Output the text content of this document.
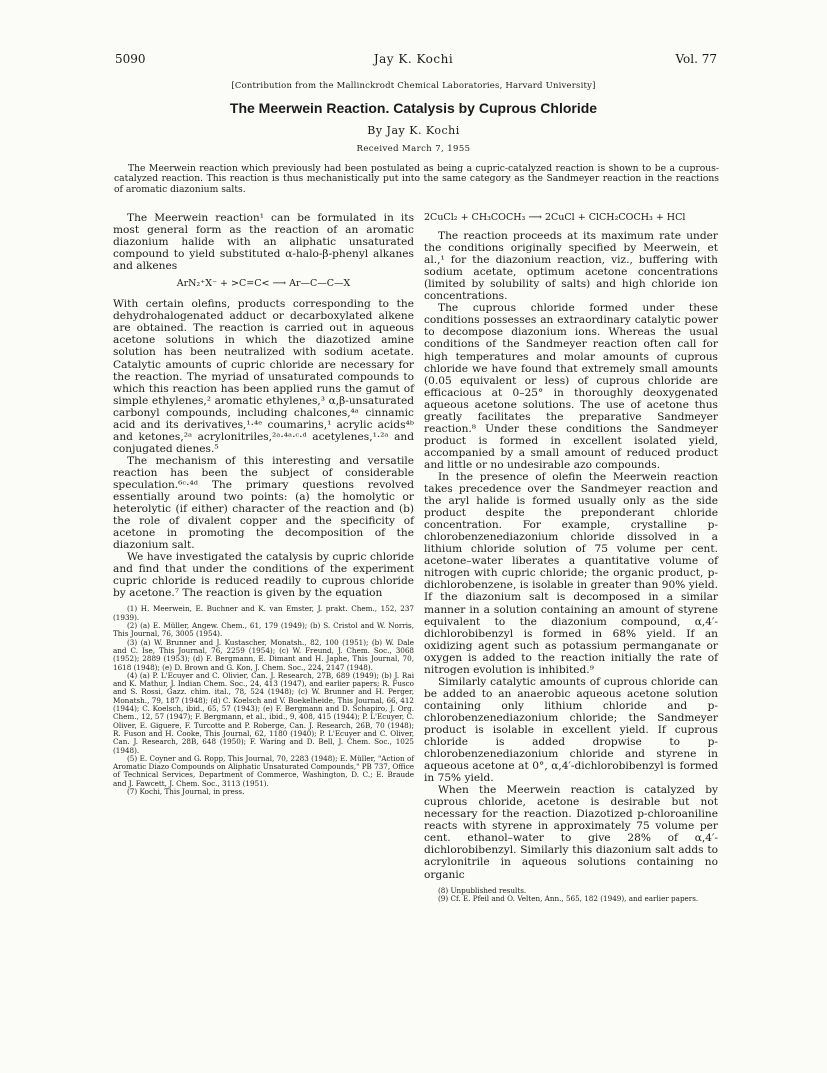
5090	Jay K. Kochi	Vol. 77
[Contribution from the Mallinckrodt Chemical Laboratories, Harvard University]
The Meerwein Reaction. Catalysis by Cuprous Chloride
By Jay K. Kochi
Received March 7, 1955
The Meerwein reaction which previously had been postulated as being a cupric-catalyzed reaction is shown to be a cuprous-catalyzed reaction. This reaction is thus mechanistically put into the same category as the Sandmeyer reaction in the reactions of aromatic diazonium salts.

The Meerwein reaction¹ can be formulated in its most general form as the reaction of an aromatic diazonium halide with an aliphatic unsaturated compound to yield substituted α-halo-β-phenyl alkanes and alkenes

ArN₂⁺X⁻ + >C=C< ⟶ Ar—C—C—X

With certain olefins, products corresponding to the dehydrohalogenated adduct or decarboxylated alkene are obtained. The reaction is carried out in aqueous acetone solutions in which the diazotized amine solution has been neutralized with sodium acetate. Catalytic amounts of cupric chloride are necessary for the reaction. The myriad of unsaturated compounds to which this reaction has been applied runs the gamut of simple ethylenes,² aromatic ethylenes,³ α,β-unsaturated carbonyl compounds, including chalcones,⁴ᵃ cinnamic acid and its derivatives,¹·⁴ᵉ coumarins,¹ acrylic acids⁴ᵇ and ketones,²ᵃ acrylonitriles,²ᵃ·⁴ᵃ·ᶜ·ᵈ acetylenes,¹·²ᵃ and conjugated dienes.⁵

The mechanism of this interesting and versatile reaction has been the subject of considerable speculation.⁶ᶜ·⁴ᵈ The primary questions revolved essentially around two points: (a) the homolytic or heterolytic (if either) character of the reaction and (b) the role of divalent copper and the specificity of acetone in promoting the decomposition of the diazonium salt.

We have investigated the catalysis by cupric chloride and find that under the conditions of the experiment cupric chloride is reduced readily to cuprous chloride by acetone.⁷ The reaction is given by the equation

(1) H. Meerwein, E. Buchner and K. van Emster, J. prakt. Chem., 152, 237 (1939).

(2) (a) E. Müller, Angew. Chem., 61, 179 (1949); (b) S. Cristol and W. Norris, This Journal, 76, 3005 (1954).

(3) (a) W. Brunner and J. Kustascher, Monatsh., 82, 100 (1951); (b) W. Dale and C. Ise, This Journal, 76, 2259 (1954); (c) W. Freund, J. Chem. Soc., 3068 (1952); 2889 (1953); (d) F. Bergmann, E. Dimant and H. Japhe, This Journal, 70, 1618 (1948); (e) D. Brown and G. Kon, J. Chem. Soc., 224, 2147 (1948).

(4) (a) P. L'Ecuyer and C. Olivier, Can. J. Research, 27B, 689 (1949); (b) J. Rai and K. Mathur, J. Indian Chem. Soc., 24, 413 (1947), and earlier papers; R. Fusco and S. Rossi, Gazz. chim. ital., 78, 524 (1948); (c) W. Brunner and H. Perger, Monatsh., 79, 187 (1948); (d) C. Koelsch and V. Boekelheide, This Journal, 66, 412 (1944); C. Koelsch, ibid., 65, 57 (1943); (e) F. Bergmann and D. Schapiro, J. Org. Chem., 12, 57 (1947); F. Bergmann, et al., ibid., 9, 408, 415 (1944); P. L'Ecuyer, C. Oliver, E. Giguere, F. Turcotte and P. Roberge, Can. J. Research, 26B, 70 (1948); R. Fuson and H. Cooke, This Journal, 62, 1180 (1940); P. L'Ecuyer and C. Oliver, Can. J. Research, 28B, 648 (1950); F. Waring and D. Bell, J. Chem. Soc., 1025 (1948).

(5) E. Coyner and G. Ropp, This Journal, 70, 2283 (1948); E. Müller, "Action of Aromatic Diazo Compounds on Aliphatic Unsaturated Compounds," PB 737, Office of Technical Services, Department of Commerce, Washington, D. C.; E. Braude and J. Fawcett, J. Chem. Soc., 3113 (1951).

(7) Kochi, This Journal, in press.

2CuCl₂ + CH₃COCH₃ ⟶ 2CuCl + ClCH₂COCH₃ + HCl

The reaction proceeds at its maximum rate under the conditions originally specified by Meerwein, et al.,¹ for the diazonium reaction, viz., buffering with sodium acetate, optimum acetone concentrations (limited by solubility of salts) and high chloride ion concentrations.

The cuprous chloride formed under these conditions possesses an extraordinary catalytic power to decompose diazonium ions. Whereas the usual conditions of the Sandmeyer reaction often call for high temperatures and molar amounts of cuprous chloride we have found that extremely small amounts (0.05 equivalent or less) of cuprous chloride are efficacious at 0–25° in thoroughly deoxygenated aqueous acetone solutions. The use of acetone thus greatly facilitates the preparative Sandmeyer reaction.⁸ Under these conditions the Sandmeyer product is formed in excellent isolated yield, accompanied by a small amount of reduced product and little or no undesirable azo compounds.

In the presence of olefin the Meerwein reaction takes precedence over the Sandmeyer reaction and the aryl halide is formed usually only as the side product despite the preponderant chloride concentration. For example, crystalline p-chlorobenzenediazonium chloride dissolved in a lithium chloride solution of 75 volume per cent. acetone–water liberates a quantitative volume of nitrogen with cupric chloride; the organic product, p-dichlorobenzene, is isolable in greater than 90% yield. If the diazonium salt is decomposed in a similar manner in a solution containing an amount of styrene equivalent to the diazonium compound, α,4′-dichlorobibenzyl is formed in 68% yield. If an oxidizing agent such as potassium permanganate or oxygen is added to the reaction initially the rate of nitrogen evolution is inhibited.⁹

Similarly catalytic amounts of cuprous chloride can be added to an anaerobic aqueous acetone solution containing only lithium chloride and p-chlorobenzenediazonium chloride; the Sandmeyer product is isolable in excellent yield. If cuprous chloride is added dropwise to p-chlorobenzenediazonium chloride and styrene in aqueous acetone at 0°, α,4′-dichlorobibenzyl is formed in 75% yield.

When the Meerwein reaction is catalyzed by cuprous chloride, acetone is desirable but not necessary for the reaction. Diazotized p-chloroaniline reacts with styrene in approximately 75 volume per cent. ethanol–water to give 28% of α,4′-dichlorobibenzyl. Similarly this diazonium salt adds to acrylonitrile in aqueous solutions containing no organic

(8) Unpublished results.

(9) Cf. E. Pfeil and O. Velten, Ann., 565, 182 (1949), and earlier papers.
